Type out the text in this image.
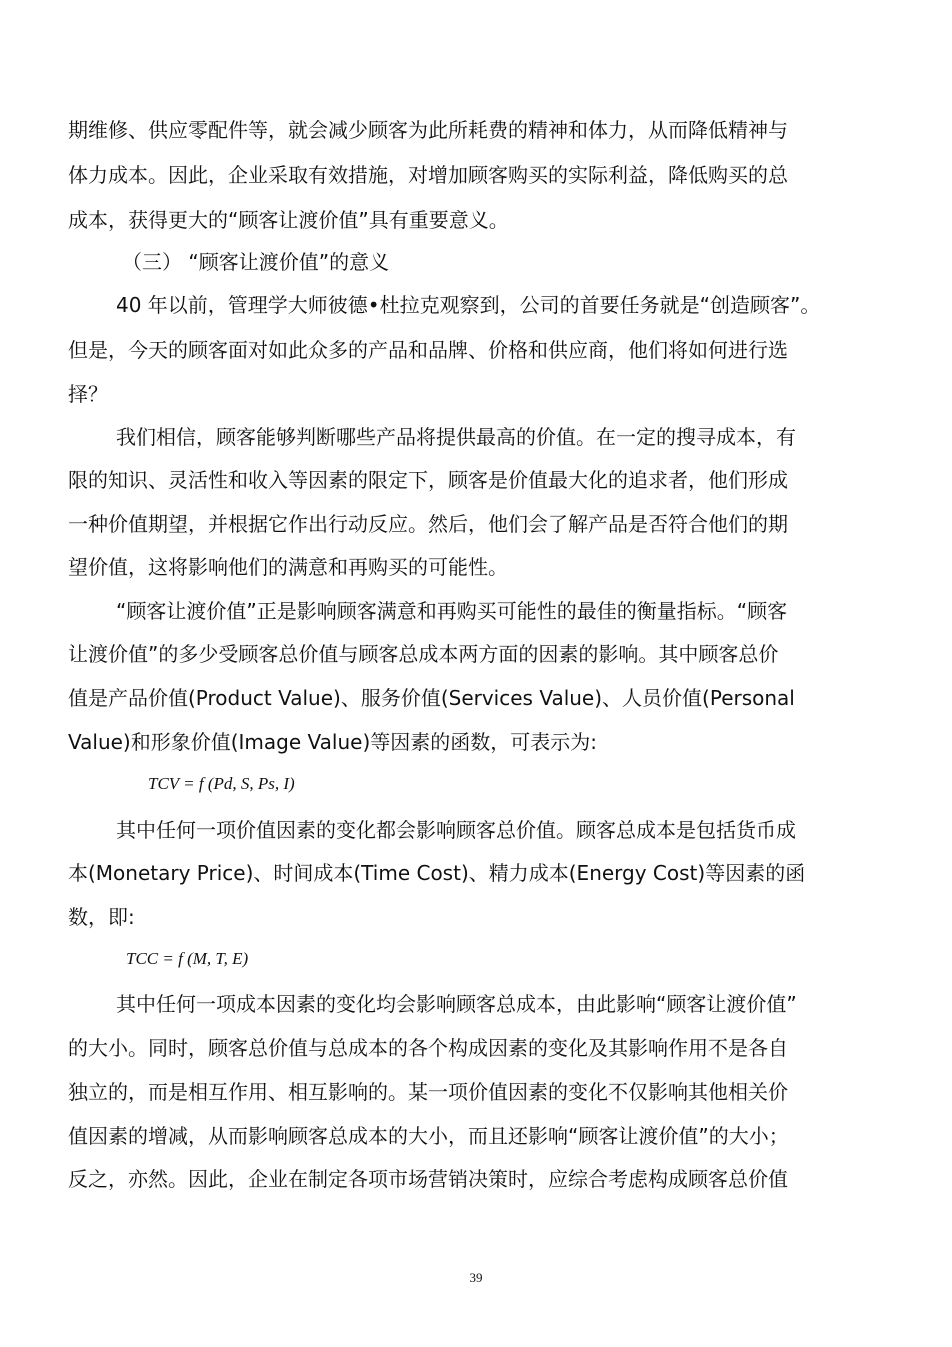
期维修、供应零配件等，就会减少顾客为此所耗费的精神和体力，从而降低精神与
体力成本。因此，企业采取有效措施，对增加顾客购买的实际利益，降低购买的总
成本，获得更大的“顾客让渡价值”具有重要意义。
（三） “顾客让渡价值”的意义
40 年以前，管理学大师彼德•杜拉克观察到，公司的首要任务就是“创造顾客”。
但是，今天的顾客面对如此众多的产品和品牌、价格和供应商，他们将如何进行选
择？
我们相信，顾客能够判断哪些产品将提供最高的价值。在一定的搜寻成本，有
限的知识、灵活性和收入等因素的限定下，顾客是价值最大化的追求者，他们形成
一种价值期望，并根据它作出行动反应。然后，他们会了解产品是否符合他们的期
望价值，这将影响他们的满意和再购买的可能性。
“顾客让渡价值”正是影响顾客满意和再购买可能性的最佳的衡量指标。“顾客
让渡价值”的多少受顾客总价值与顾客总成本两方面的因素的影响。其中顾客总价
值是产品价值(Product Value)、服务价值(Services Value)、人员价值(Personal
Value)和形象价值(Image Value)等因素的函数，可表示为:
TCV = f (Pd, S, Ps, I)
其中任何一项价值因素的变化都会影响顾客总价值。顾客总成本是包括货币成
本(Monetary Price)、时间成本(Time Cost)、精力成本(Energy Cost)等因素的函
数，即:
TCC = f (M, T, E)
其中任何一项成本因素的变化均会影响顾客总成本，由此影响“顾客让渡价值”
的大小。同时，顾客总价值与总成本的各个构成因素的变化及其影响作用不是各自
独立的，而是相互作用、相互影响的。某一项价值因素的变化不仅影响其他相关价
值因素的增减，从而影响顾客总成本的大小，而且还影响“顾客让渡价值”的大小；
反之，亦然。因此，企业在制定各项市场营销决策时，应综合考虑构成顾客总价值
39
